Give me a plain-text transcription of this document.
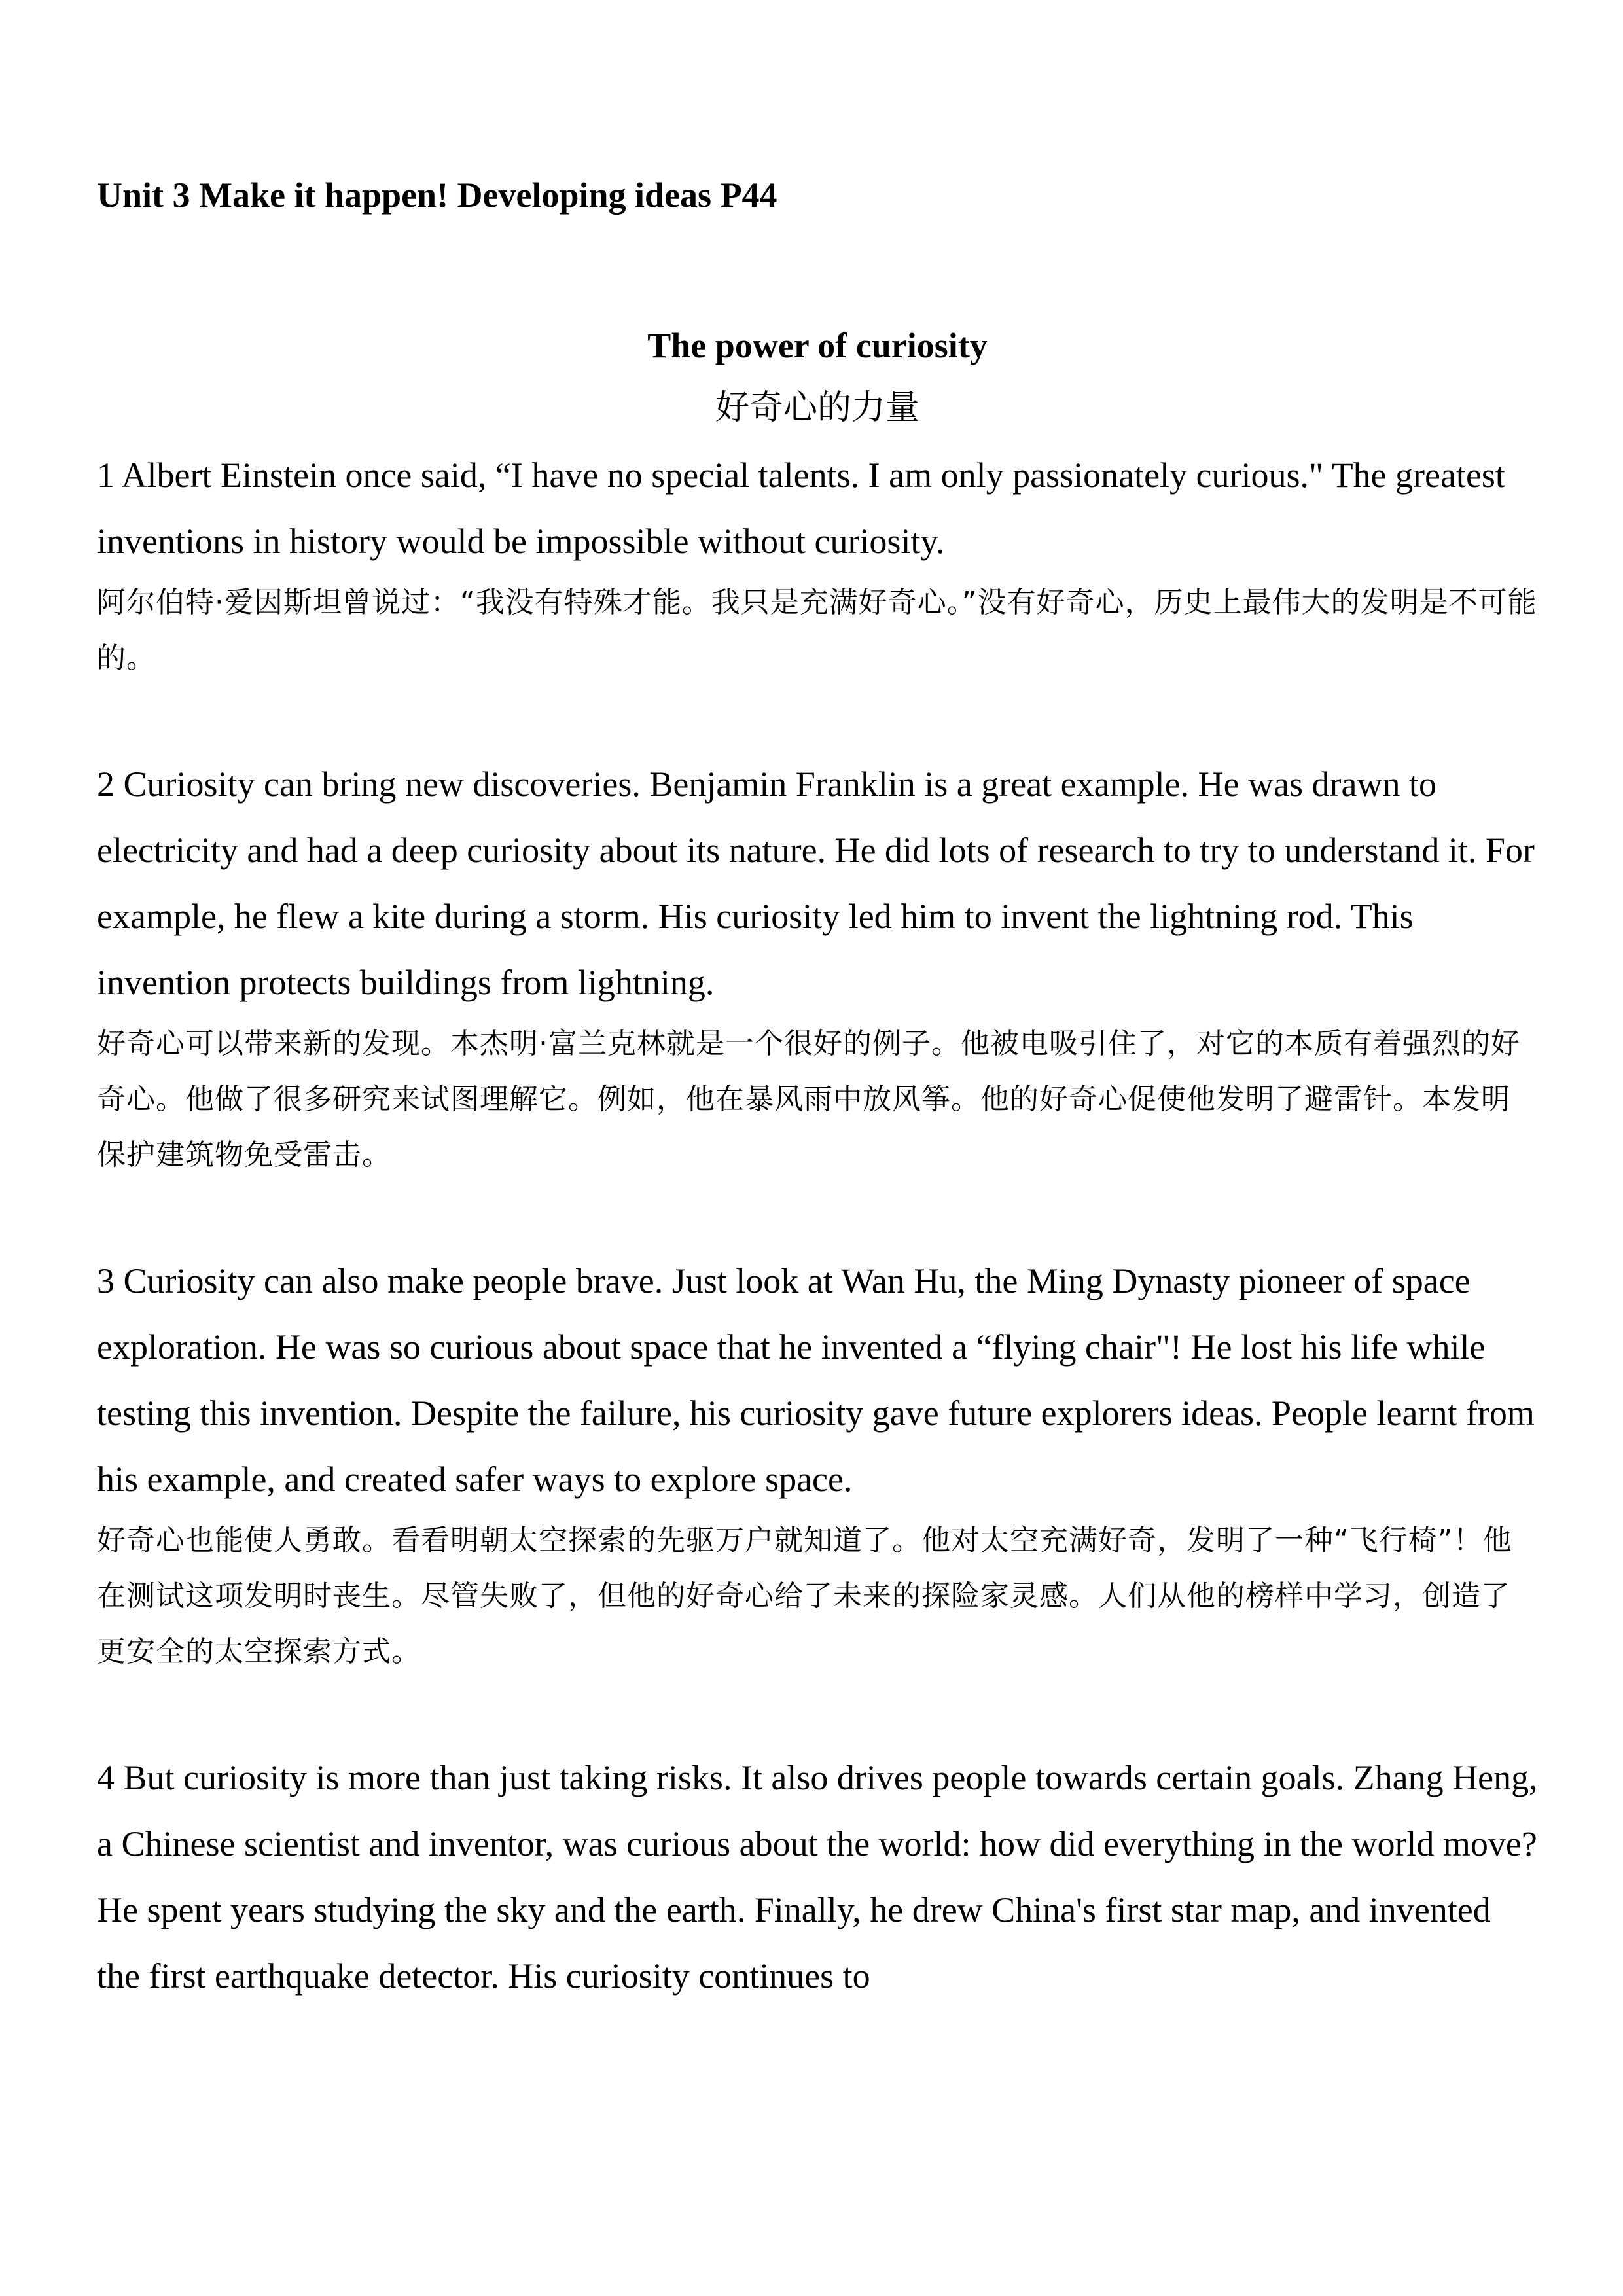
Unit 3 Make it happen! Developing ideas P44

The power of curiosity

好奇心的力量

1 Albert Einstein once said, “I have no special talents. I am only passionately curious." The greatest inventions in history would be impossible without curiosity.

阿尔伯特·爱因斯坦曾说过：“我没有特殊才能。我只是充满好奇心。”没有好奇心，历史上最伟大的发明是不可能的。

2 Curiosity can bring new discoveries. Benjamin Franklin is a great example. He was drawn to electricity and had a deep curiosity about its nature. He did lots of research to try to understand it. For example, he flew a kite during a storm. His curiosity led him to invent the lightning rod. This invention protects buildings from lightning.

好奇心可以带来新的发现。本杰明·富兰克林就是一个很好的例子。他被电吸引住了，对它的本质有着强烈的好奇心。他做了很多研究来试图理解它。例如，他在暴风雨中放风筝。他的好奇心促使他发明了避雷针。本发明保护建筑物免受雷击。

3 Curiosity can also make people brave. Just look at Wan Hu, the Ming Dynasty pioneer of space exploration. He was so curious about space that he invented a “flying chair"! He lost his life while testing this invention. Despite the failure, his curiosity gave future explorers ideas. People learnt from his example, and created safer ways to explore space.

好奇心也能使人勇敢。看看明朝太空探索的先驱万户就知道了。他对太空充满好奇，发明了一种“飞行椅”！他在测试这项发明时丧生。尽管失败了，但他的好奇心给了未来的探险家灵感。人们从他的榜样中学习，创造了更安全的太空探索方式。

4 But curiosity is more than just taking risks. It also drives people towards certain goals. Zhang Heng, a Chinese scientist and inventor, was curious about the world: how did everything in the world move? He spent years studying the sky and the earth. Finally, he drew China's first star map, and invented the first earthquake detector. His curiosity continues to
